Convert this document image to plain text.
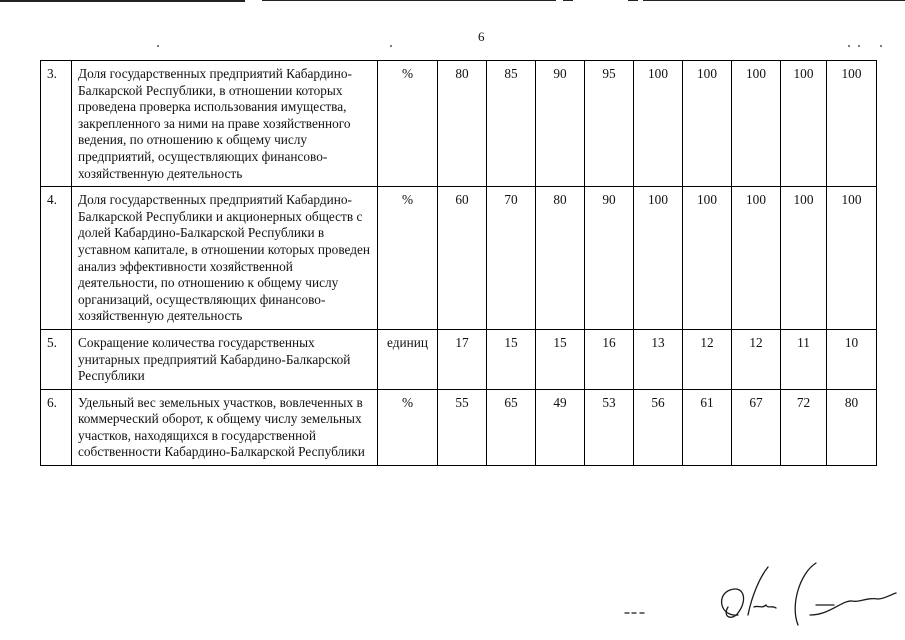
6
3.	Доля государственных предприятий Кабардино-Балкарской Республики, в отношении которых проведена проверка использования имущества, закрепленного за ними на праве хозяйственного ведения, по отношению к общему числу предприятий, осуществляющих финансово-хозяйственную деятельность	%	80	85	90	95	100	100	100	100	100
4.	Доля государственных предприятий Кабардино-Балкарской Республики и акционерных обществ с долей Кабардино-Балкарской Республики в уставном капитале, в отношении которых проведен анализ эффективности хозяйственной деятельности, по отношению к общему числу организаций, осуществляющих финансово-хозяйственную деятельность	%	60	70	80	90	100	100	100	100	100
5.	Сокращение количества государственных унитарных предприятий Кабардино-Балкарской Республики	единиц	17	15	15	16	13	12	12	11	10
6.	Удельный вес земельных участков, вовлеченных в коммерческий оборот, к общему числу земельных участков, находящихся в государственной собственности Кабардино-Балкарской Республики	%	55	65	49	53	56	61	67	72	80
